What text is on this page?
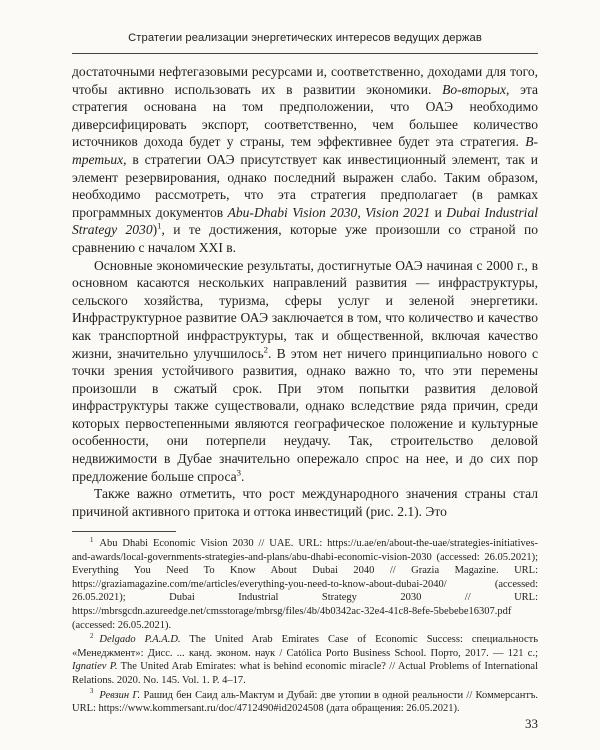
Стратегии реализации энергетических интересов ведущих держав

достаточными нефтегазовыми ресурсами и, соответственно, доходами для того, чтобы активно использовать их в развитии экономики. Во-вторых, эта стратегия основана на том предположении, что ОАЭ необходимо диверсифицировать экспорт, соответственно, чем большее количество источников дохода будет у страны, тем эффективнее будет эта стратегия. В-третьих, в стратегии ОАЭ присутствует как инвестиционный элемент, так и элемент резервирования, однако последний выражен слабо. Таким образом, необходимо рассмотреть, что эта стратегия предполагает (в рамках программных документов Abu-Dhabi Vision 2030, Vision 2021 и Dubai Industrial Strategy 2030)$^1$, и те достижения, которые уже произошли со страной по сравнению с началом XXI в.

Основные экономические результаты, достигнутые ОАЭ начиная с 2000 г., в основном касаются нескольких направлений развития — инфраструктуры, сельского хозяйства, туризма, сферы услуг и зеленой энергетики. Инфраструктурное развитие ОАЭ заключается в том, что количество и качество как транспортной инфраструктуры, так и общественной, включая качество жизни, значительно улучшилось$^2$. В этом нет ничего принципиально нового с точки зрения устойчивого развития, однако важно то, что эти перемены произошли в сжатый срок. При этом попытки развития деловой инфраструктуры также существовали, однако вследствие ряда причин, среди которых первостепенными являются географическое положение и культурные особенности, они потерпели неудачу. Так, строительство деловой недвижимости в Дубае значительно опережало спрос на нее, и до сих пор предложение больше спроса$^3$.

Также важно отметить, что рост международного значения страны стал причиной активного притока и оттока инвестиций (рис. 2.1). Это

$^1$ Abu Dhabi Economic Vision 2030 // UAE. URL: https://u.ae/en/about-the-uae/strategies-initiatives-and-awards/local-governments-strategies-and-plans/abu-dhabi-economic-vision-2030 (accessed: 26.05.2021); Everything You Need To Know About Dubai 2040 // Grazia Magazine. URL: https://graziamagazine.com/me/articles/everything-you-need-to-know-about-dubai-2040/ (accessed: 26.05.2021); Dubai Industrial Strategy 2030 // URL: https://mbrsgcdn.azureedge.net/cmsstorage/mbrsg/files/4b/4b0342ac-32e4-41c8-8efe-5bebebe16307.pdf (accessed: 26.05.2021).

$^2$ Delgado P.A.A.D. The United Arab Emirates Case of Economic Success: специальность «Менеджмент»: Дисс. ... канд. эконом. наук / Católica Porto Business School. Порто, 2017. — 121 с.; Ignatiev P. The United Arab Emirates: what is behind economic miracle? // Actual Problems of International Relations. 2020. No. 145. Vol. 1. P. 4–17.

$^3$ Ревзин Г. Рашид бен Саид аль-Мактум и Дубай: две утопии в одной реальности // Коммерсантъ. URL: https://www.kommersant.ru/doc/4712490#id2024508 (дата обращения: 26.05.2021).

33
